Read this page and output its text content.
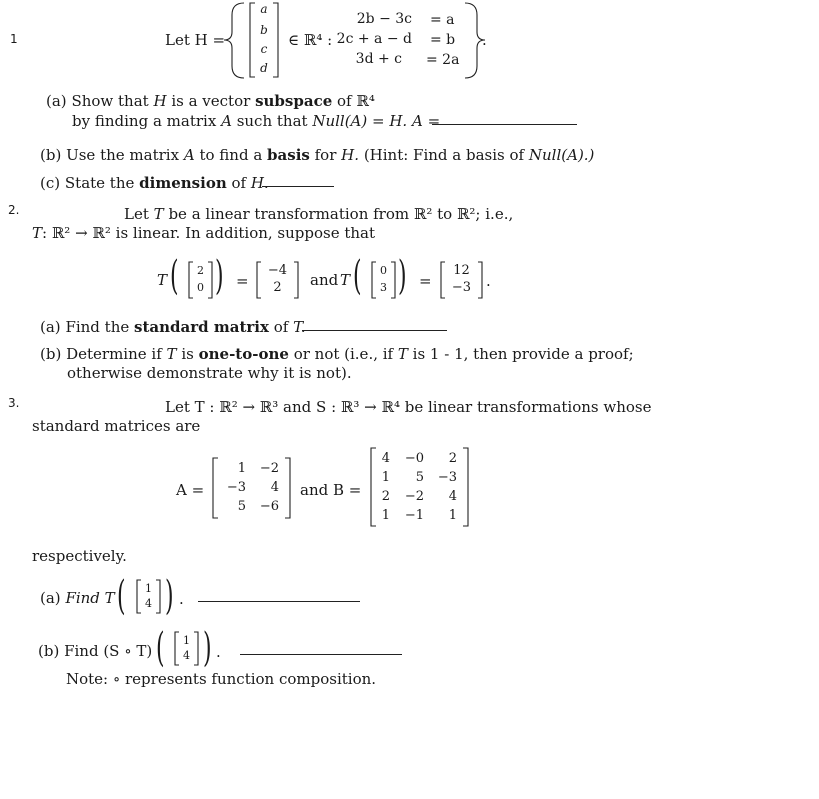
1	Let H =
a
b
c
d
∈ ℝ⁴ :
2b − 3c
2c + a − d
3d + c
= a
= b
= 2a
.
(a) Show that H is a vector subspace of ℝ⁴
by finding a matrix A such that Null(A) = H. A =
(b) Use the matrix A to find a basis for H. (Hint: Find a basis of Null(A).)
(c) State the dimension of H.
2.	Let T be a linear transformation from ℝ² to ℝ²; i.e.,
T: ℝ² → ℝ² is linear. In addition, suppose that
T ( ) =	and T ( ) =	.
2
0
−4
2
0
3
12
−3
(a) Find the standard matrix of T.
(b) Determine if T is one-to-one or not (i.e., if T is 1 - 1, then provide a proof;
otherwise demonstrate why it is not).
3.	Let T : ℝ² → ℝ³ and S : ℝ³ → ℝ⁴ be linear transformations whose
standard matrices are
A =	and B =
1	−2
−3	4
5	−6
4	−0	2
1	5	−3
2	−2	4
1	−1	1
respectively.
(a) Find T ( ) .
1
4
(b) Find (S ∘ T) ( ) .
1
4
Note: ∘ represents function composition.
